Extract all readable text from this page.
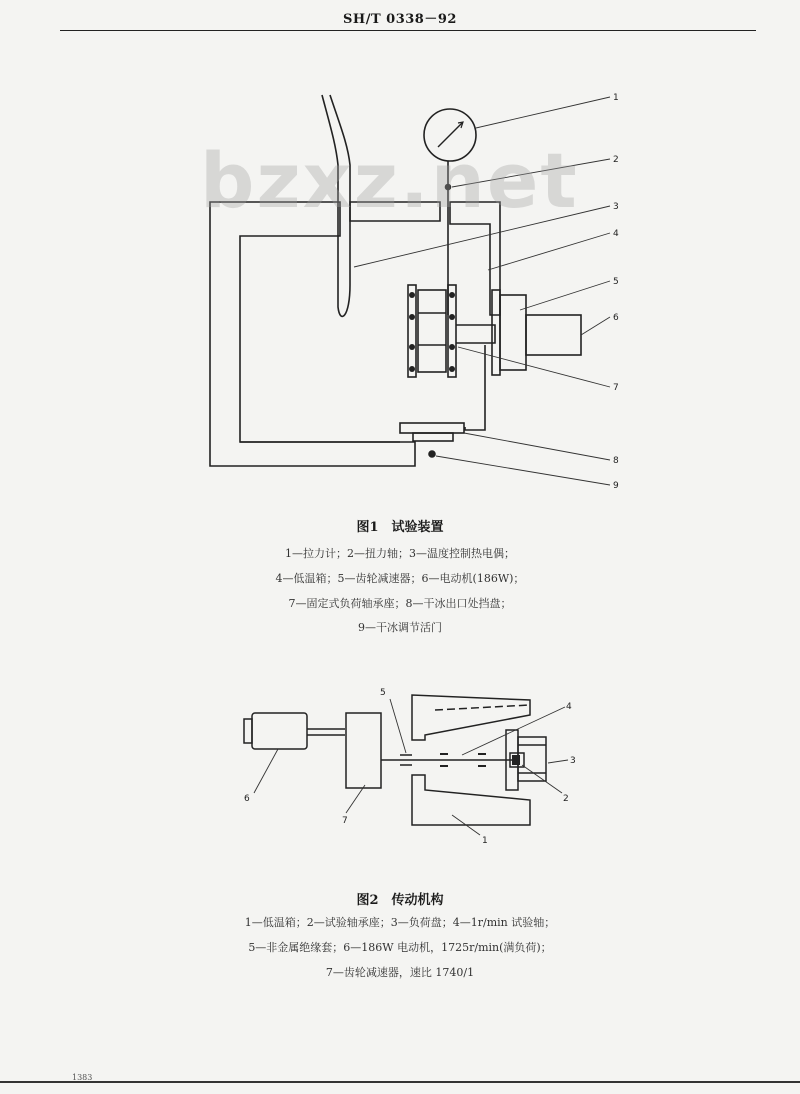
SH/T 0338－92
1
2
3
4
5
6
7
8
9
bzxz.net
图1　试验装置
1—拉力计；2—扭力轴；3—温度控制热电偶；
4—低温箱；5—齿轮减速器；6—电动机(186W)；
7—固定式负荷轴承座；8—干冰出口处挡盘；
9—干冰调节活门
5
4
3
2
6
7
1
图2　传动机构
1—低温箱；2—试验轴承座；3—负荷盘；4—1r/min 试验轴；
5—非金属绝缘套；6—186W 电动机，1725r/min(满负荷)；
7—齿轮减速器，速比 1740/1
1383
